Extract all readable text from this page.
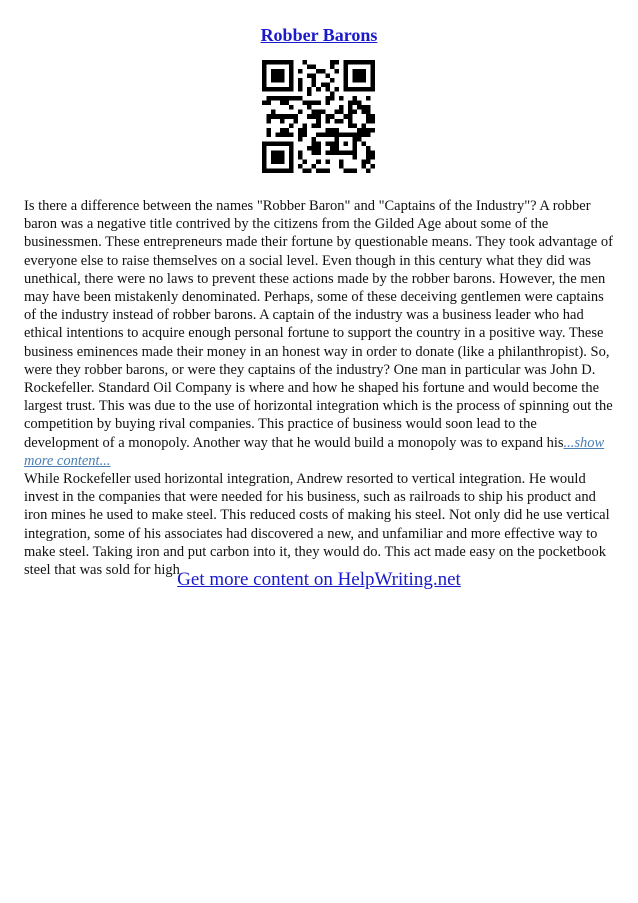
Robber Barons

Is there a difference between the names "Robber Baron" and "Captains of the Industry"? A robber baron was a negative title contrived by the citizens from the Gilded Age about some of the businessmen. These entrepreneurs made their fortune by questionable means. They took advantage of everyone else to raise themselves on a social level. Even though in this century what they did was unethical, there were no laws to prevent these actions made by the robber barons. However, the men may have been mistakenly denominated. Perhaps, some of these deceiving gentlemen were captains of the industry instead of robber barons. A captain of the industry was a business leader who had ethical intentions to acquire enough personal fortune to support the country in a positive way. These business eminences made their money in an honest way in order to donate (like a philanthropist). So, were they robber barons, or were they captains of the industry? One man in particular was John D. Rockefeller. Standard Oil Company is where and how he shaped his fortune and would become the largest trust. This was due to the use of horizontal integration which is the process of spinning out the competition by buying rival companies. This practice of business would soon lead to the development of a monopoly. Another way that he would build a monopoly was to expand his...show more content...

While Rockefeller used horizontal integration, Andrew resorted to vertical integration. He would invest in the companies that were needed for his business, such as railroads to ship his product and iron mines he used to make steel. This reduced costs of making his steel. Not only did he use vertical integration, some of his associates had discovered a new, and unfamiliar and more effective way to make steel. Taking iron and put carbon into it, they would do. This act made easy on the pocketbook steel that was sold for high

Get more content on HelpWriting.net
